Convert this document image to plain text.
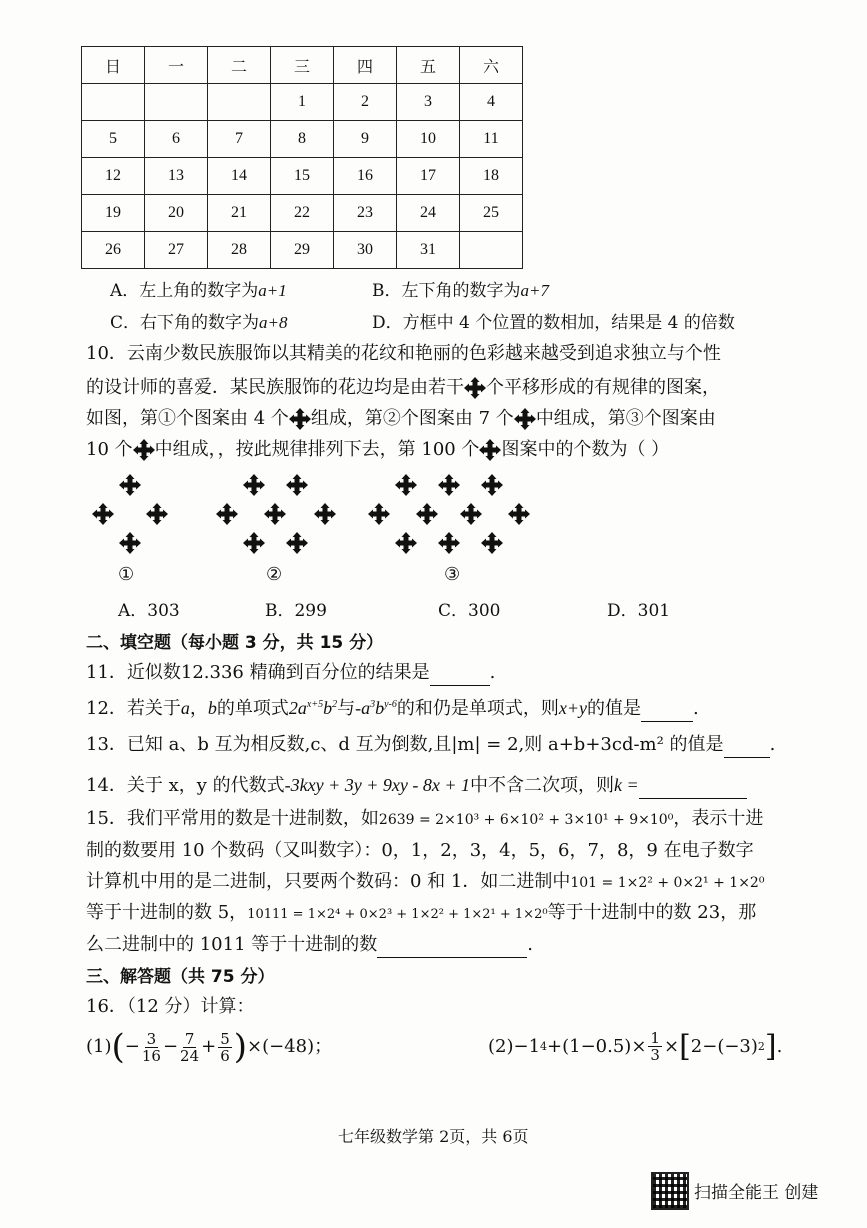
日	一	二	三	四	五	六
			1	2	3	4
5	6	7	8	9	10	11
12	13	14	15	16	17	18
19	20	21	22	23	24	25
26	27	28	29	30	31	
A．左上角的数字为a+1	B．左下角的数字为a+7
C．右下角的数字为a+8	D．方框中 4 个位置的数相加，结果是 4 的倍数
10．云南少数民族服饰以其精美的花纹和艳丽的色彩越来越受到追求独立与个性
的设计师的喜爱．某民族服饰的花边均是由若干 个平移形成的有规律的图案，
如图，第①个图案由 4 个 组成，第②个图案由 7 个 中组成，第③个图案由
10 个 中组成，，按此规律排列下去，第 100 个 图案中的个数为（ ）
①	②	③
A．303	B．299	C．300	D．301
二、填空题（每小题 3 分，共 15 分）
11．近似数12.336 精确到百分位的结果是	.
12．若关于a，b的单项式$2a^{x+5}b^2$与$-a^3b^{y-6}$的和仍是单项式，则x+y的值是	.
13．已知 a、b 互为相反数,c、d 互为倒数,且|m| = 2,则 a+b+3cd-m² 的值是	.
14．关于 x，y 的代数式-3kxy + 3y + 9xy - 8x + 1中不含二次项，则k =
15．我们平常用的数是十进制数，如2639 = 2×10³ + 6×10² + 3×10¹ + 9×10⁰，表示十进
制的数要用 10 个数码（又叫数字）：0，1，2，3，4，5，6，7，8，9 在电子数字
计算机中用的是二进制，只要两个数码：0 和 1．如二进制中101 = 1×2² + 0×2¹ + 1×2⁰
等于十进制的数 5，10111 = 1×2⁴ + 0×2³ + 1×2² + 1×2¹ + 1×2⁰等于十进制中的数 23，那
么二进制中的 1011 等于十进制的数	.
三、解答题（共 75 分）
16．（12 分）计算：
(1) ( − $\frac{3}{16} - \frac{7}{24} + \frac{5}{6}$ ) ×(−48)；	(2) −1 $4 +(1-0.5)\times \frac{1}{3}$ × [ 2−(−3) 2 ] .
七年级数学第 2页，共 6页
扫描全能王 创建
